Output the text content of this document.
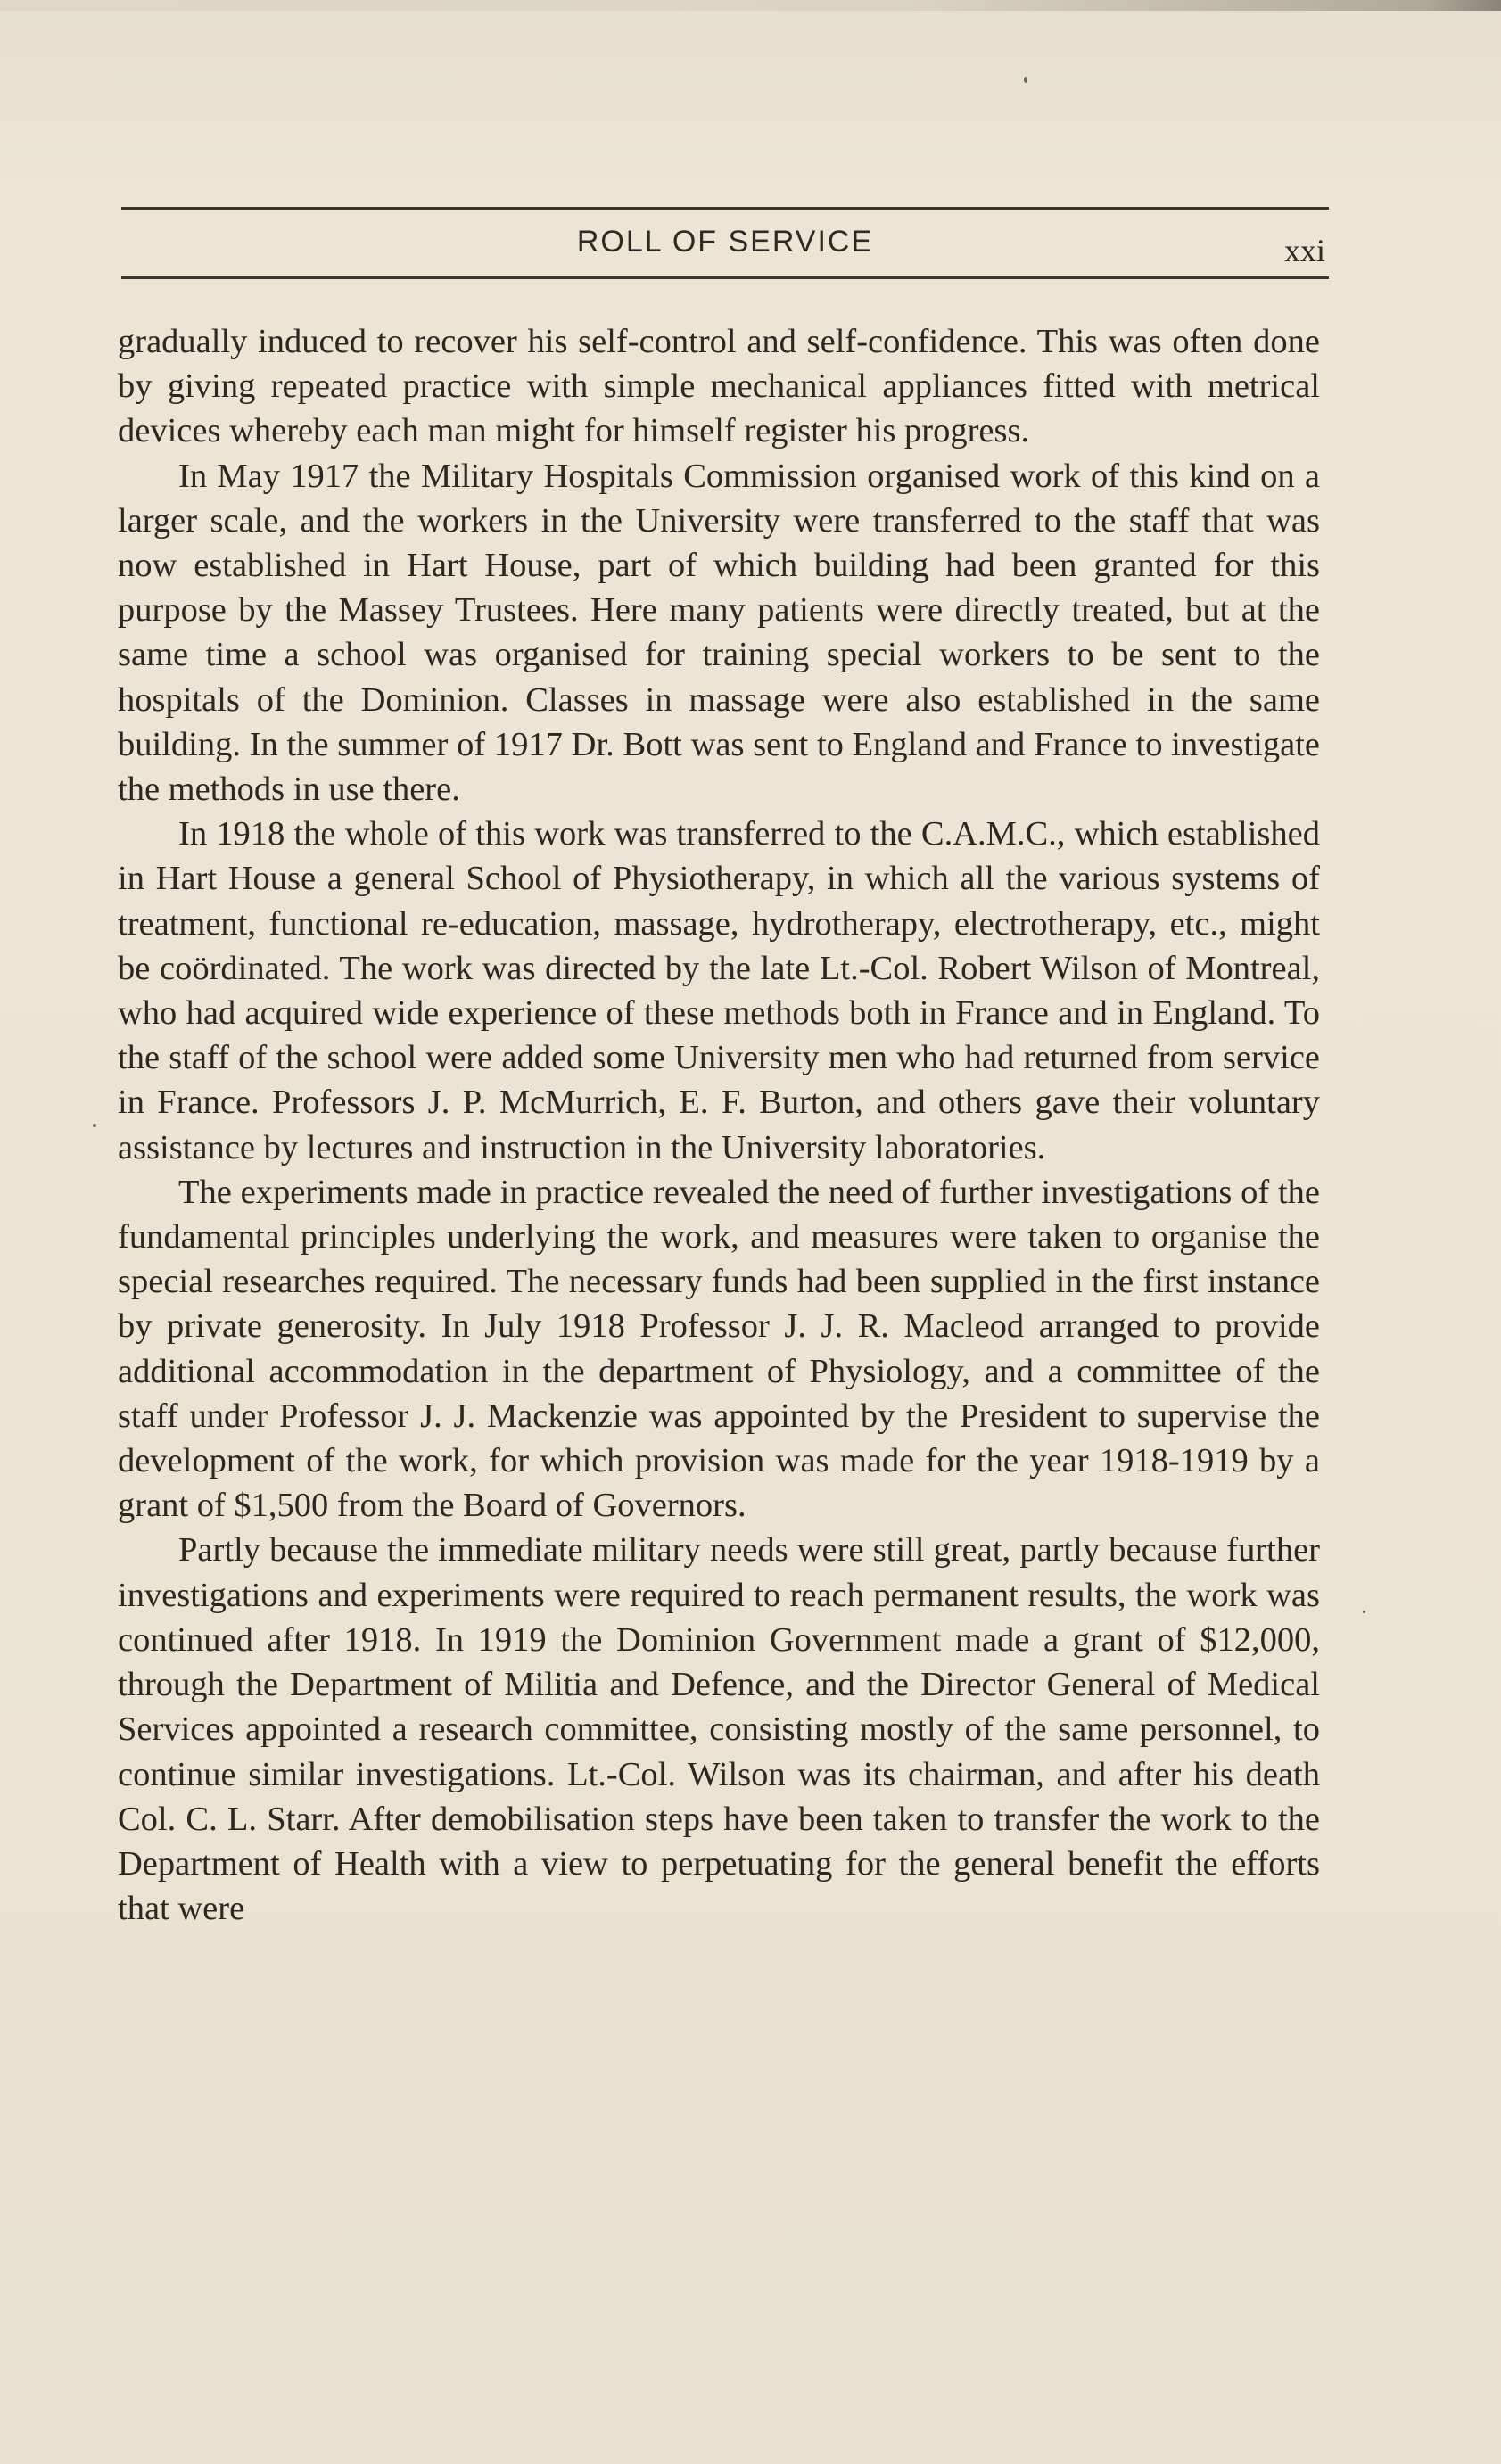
ROLL OF SERVICE	xxi

gradually induced to recover his self-control and self-confidence. This was often done by giving repeated practice with simple mechanical appliances fitted with metrical devices whereby each man might for himself register his progress.

In May 1917 the Military Hospitals Commission organised work of this kind on a larger scale, and the workers in the University were transferred to the staff that was now established in Hart House, part of which building had been granted for this purpose by the Massey Trustees. Here many patients were directly treated, but at the same time a school was organised for training special workers to be sent to the hospitals of the Dominion. Classes in massage were also established in the same building. In the summer of 1917 Dr. Bott was sent to England and France to investigate the methods in use there.

In 1918 the whole of this work was transferred to the C.A.M.C., which established in Hart House a general School of Physiotherapy, in which all the various systems of treatment, functional re-education, massage, hydrotherapy, electrotherapy, etc., might be coördinated. The work was directed by the late Lt.-Col. Robert Wilson of Montreal, who had acquired wide experience of these methods both in France and in England. To the staff of the school were added some University men who had returned from service in France. Professors J. P. McMurrich, E. F. Burton, and others gave their voluntary assistance by lectures and instruction in the University laboratories.

The experiments made in practice revealed the need of further investigations of the fundamental principles underlying the work, and measures were taken to organise the special researches required. The necessary funds had been supplied in the first instance by private generosity. In July 1918 Professor J. J. R. Macleod arranged to provide additional accommodation in the department of Physiology, and a committee of the staff under Professor J. J. Mackenzie was appointed by the President to supervise the development of the work, for which provision was made for the year 1918-1919 by a grant of $1,500 from the Board of Governors.

Partly because the immediate military needs were still great, partly because further investigations and experiments were required to reach permanent results, the work was continued after 1918. In 1919 the Dominion Government made a grant of $12,000, through the Department of Militia and Defence, and the Director General of Medical Services appointed a research committee, consisting mostly of the same personnel, to continue similar investigations. Lt.-Col. Wilson was its chairman, and after his death Col. C. L. Starr. After demobilisation steps have been taken to transfer the work to the Department of Health with a view to perpetuating for the general benefit the efforts that were
